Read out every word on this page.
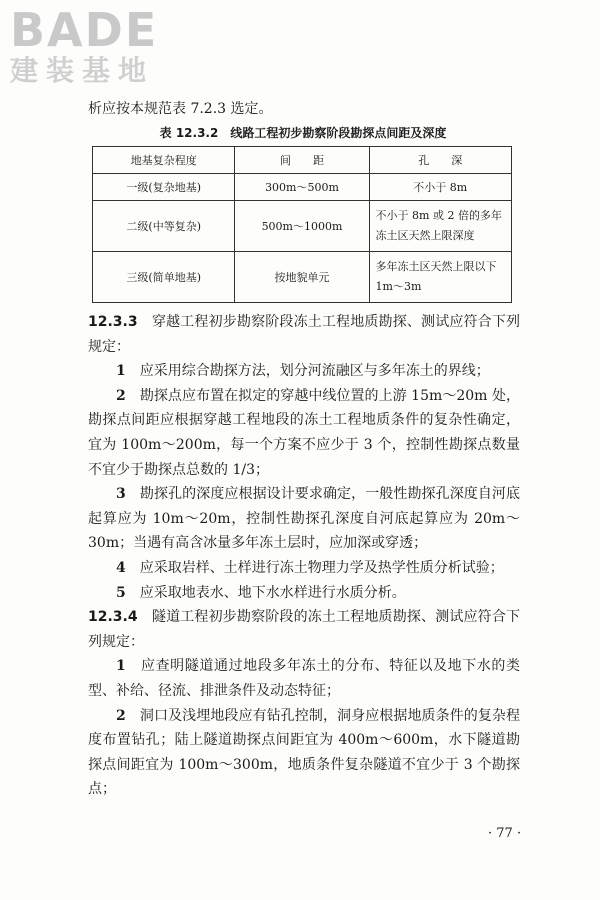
BADE
建装基地
析应按本规范表 7.2.3 选定。
表 12.3.2　线路工程初步勘察阶段勘探点间距及深度
地基复杂程度	间　　距	孔　　深
一级(复杂地基)	300m～500m	不小于 8m
二级(中等复杂)	500m～1000m	不小于 8m 或 2 倍的多年冻土区天然上限深度
三级(简单地基)	按地貌单元	多年冻土区天然上限以下 1m～3m

12.3.3　 穿越工程初步勘察阶段冻土工程地质勘探、测试应符合下列规定：

1　 应采用综合勘探方法，划分河流融区与多年冻土的界线；

2　 勘探点应布置在拟定的穿越中线位置的上游 15m～20m 处，勘探点间距应根据穿越工程地段的冻土工程地质条件的复杂性确定，宜为 100m～200m，每一个方案不应少于 3 个，控制性勘探点数量不宜少于勘探点总数的 1/3；

3　 勘探孔的深度应根据设计要求确定，一般性勘探孔深度自河底起算应为 10m～20m，控制性勘探孔深度自河底起算应为 20m～30m；当遇有高含冰量多年冻土层时，应加深或穿透；

4　 应采取岩样、土样进行冻土物理力学及热学性质分析试验；

5　 应采取地表水、地下水水样进行水质分析。

12.3.4　 隧道工程初步勘察阶段的冻土工程地质勘探、测试应符合下列规定：

1　 应查明隧道通过地段多年冻土的分布、特征以及地下水的类型、补给、径流、排泄条件及动态特征；

2　 洞口及浅埋地段应有钻孔控制，洞身应根据地质条件的复杂程度布置钻孔；陆上隧道勘探点间距宜为 400m～600m，水下隧道勘探点间距宜为 100m～300m，地质条件复杂隧道不宜少于 3 个勘探点；

· 77 ·
